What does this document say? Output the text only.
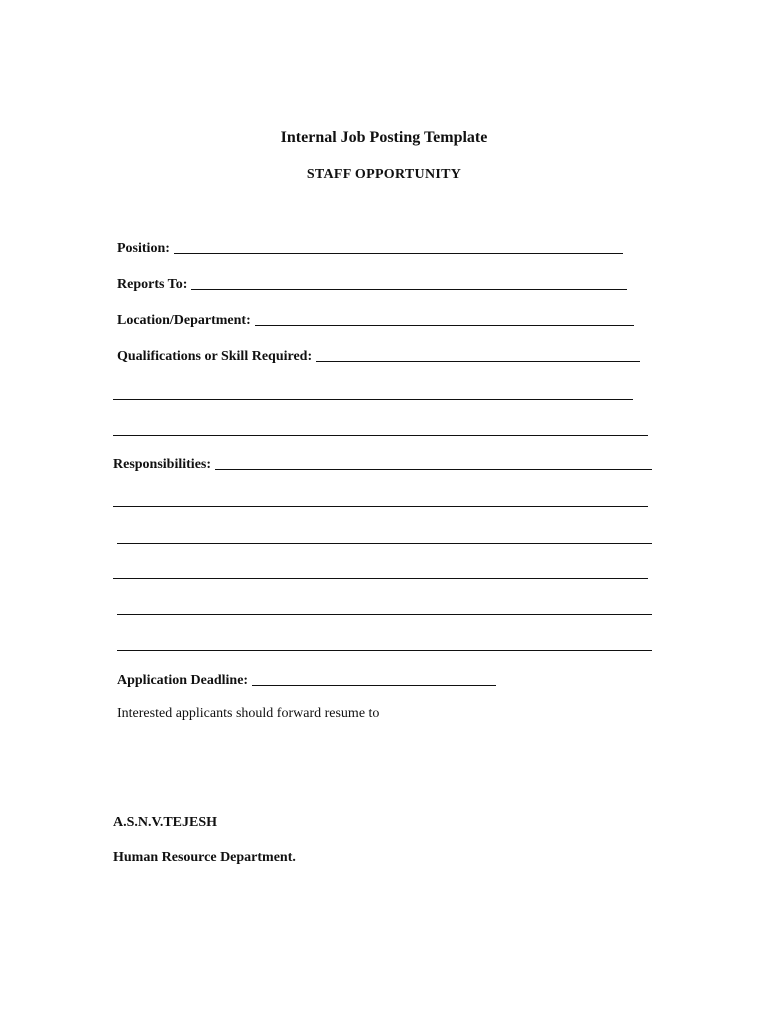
Internal Job Posting Template
STAFF OPPORTUNITY
Position:
Reports To:
Location/Department:
Qualifications or Skill Required:
Responsibilities:
Application Deadline:
Interested applicants should forward resume to
A.S.N.V.TEJESH
Human Resource Department.
